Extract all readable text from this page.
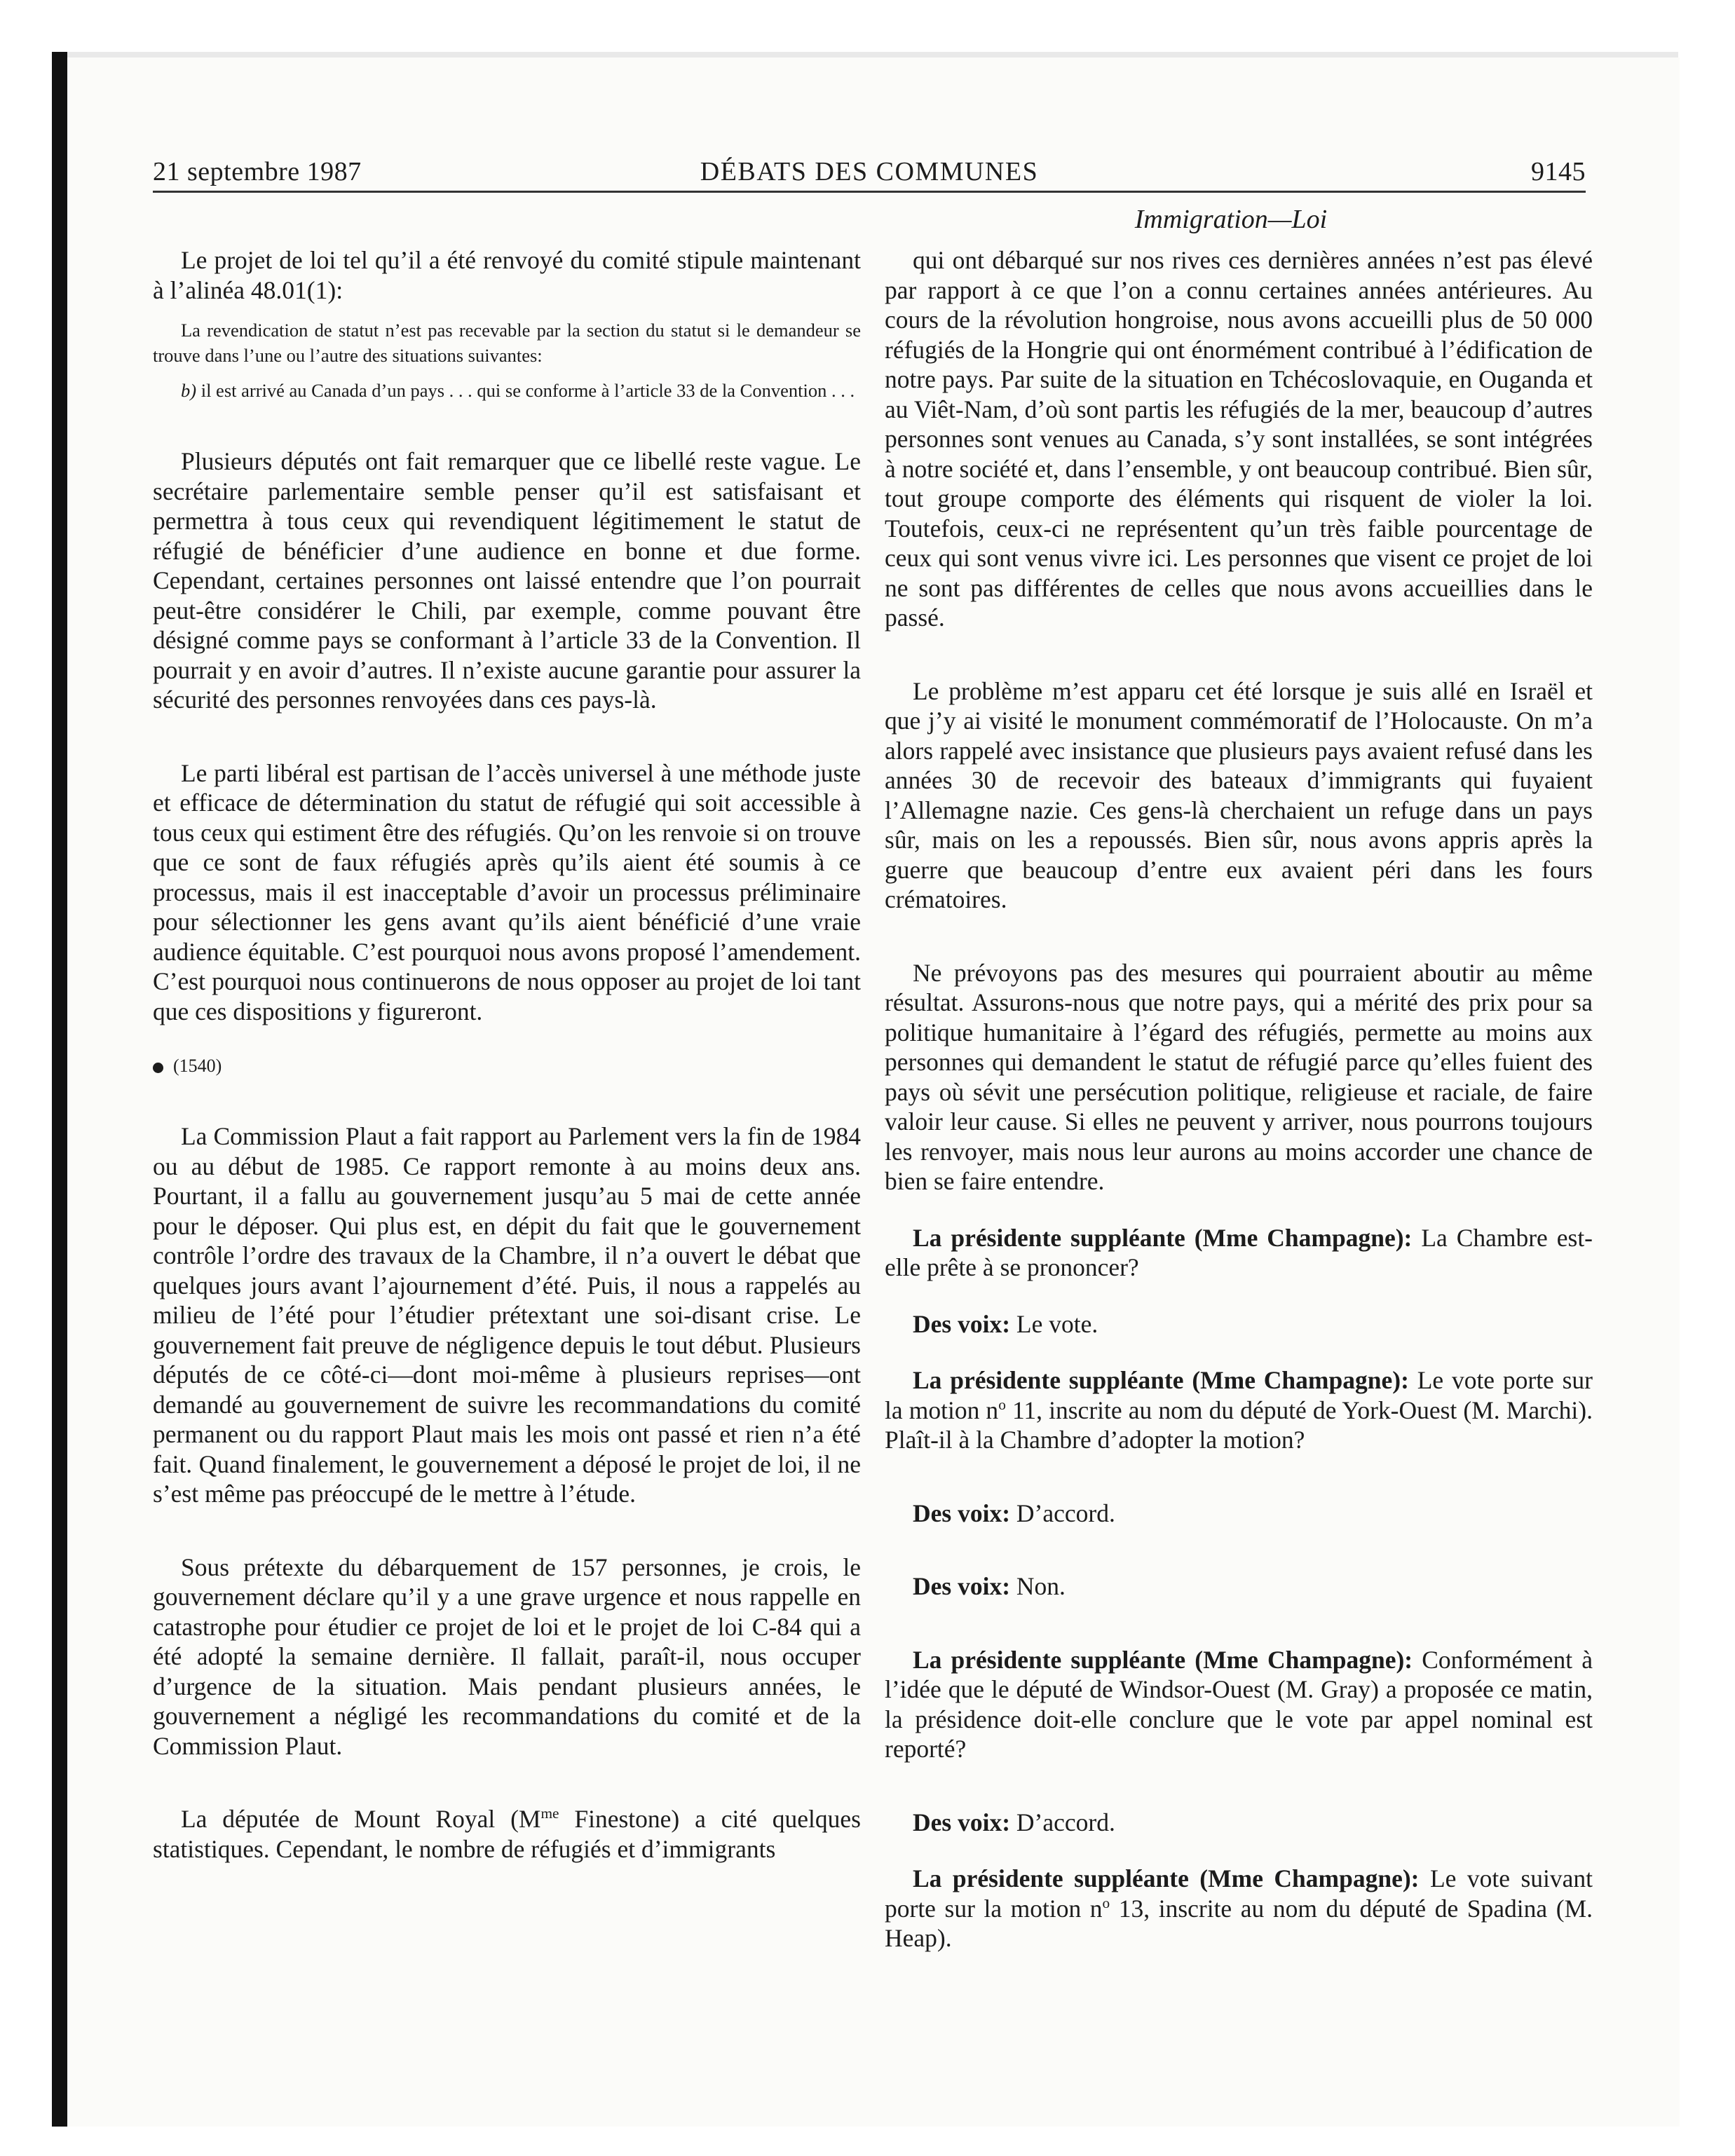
21 septembre 1987	DÉBATS DES COMMUNES	9145
Immigration—Loi

Le projet de loi tel qu’il a été renvoyé du comité stipule maintenant à l’alinéa 48.01(1):

La revendication de statut n’est pas recevable par la section du statut si le demandeur se trouve dans l’une ou l’autre des situations suivantes:

b) il est arrivé au Canada d’un pays . . . qui se conforme à l’article 33 de la Convention . . .

Plusieurs députés ont fait remarquer que ce libellé reste vague. Le secrétaire parlementaire semble penser qu’il est satisfaisant et permettra à tous ceux qui revendiquent légitimement le statut de réfugié de bénéficier d’une audience en bonne et due forme. Cependant, certaines personnes ont laissé entendre que l’on pourrait peut-être considérer le Chili, par exemple, comme pouvant être désigné comme pays se conformant à l’article 33 de la Convention. Il pourrait y en avoir d’autres. Il n’existe aucune garantie pour assurer la sécurité des personnes renvoyées dans ces pays-là.

Le parti libéral est partisan de l’accès universel à une méthode juste et efficace de détermination du statut de réfugié qui soit accessible à tous ceux qui estiment être des réfugiés. Qu’on les renvoie si on trouve que ce sont de faux réfugiés après qu’ils aient été soumis à ce processus, mais il est inacceptable d’avoir un processus préliminaire pour sélectionner les gens avant qu’ils aient bénéficié d’une vraie audience équitable. C’est pourquoi nous avons proposé l’amendement. C’est pourquoi nous continuerons de nous opposer au projet de loi tant que ces dispositions y figureront.

(1540)

La Commission Plaut a fait rapport au Parlement vers la fin de 1984 ou au début de 1985. Ce rapport remonte à au moins deux ans. Pourtant, il a fallu au gouvernement jusqu’au 5 mai de cette année pour le déposer. Qui plus est, en dépit du fait que le gouvernement contrôle l’ordre des travaux de la Chambre, il n’a ouvert le débat que quelques jours avant l’ajournement d’été. Puis, il nous a rappelés au milieu de l’été pour l’étudier prétextant une soi-disant crise. Le gouvernement fait preuve de négligence depuis le tout début. Plusieurs députés de ce côté-ci—dont moi-même à plusieurs reprises—ont demandé au gouvernement de suivre les recommandations du comité permanent ou du rapport Plaut mais les mois ont passé et rien n’a été fait. Quand finalement, le gouvernement a déposé le projet de loi, il ne s’est même pas préoccupé de le mettre à l’étude.

Sous prétexte du débarquement de 157 personnes, je crois, le gouvernement déclare qu’il y a une grave urgence et nous rappelle en catastrophe pour étudier ce projet de loi et le projet de loi C-84 qui a été adopté la semaine dernière. Il fallait, paraît-il, nous occuper d’urgence de la situation. Mais pendant plusieurs années, le gouvernement a négligé les recommandations du comité et de la Commission Plaut.

La députée de Mount Royal ($M^{me}$ Finestone) a cité quelques statistiques. Cependant, le nombre de réfugiés et d’immigrants

qui ont débarqué sur nos rives ces dernières années n’est pas élevé par rapport à ce que l’on a connu certaines années antérieures. Au cours de la révolution hongroise, nous avons accueilli plus de 50 000 réfugiés de la Hongrie qui ont énormément contribué à l’édification de notre pays. Par suite de la situation en Tchécoslovaquie, en Ouganda et au Viêt-Nam, d’où sont partis les réfugiés de la mer, beaucoup d’autres personnes sont venues au Canada, s’y sont installées, se sont intégrées à notre société et, dans l’ensemble, y ont beaucoup contribué. Bien sûr, tout groupe comporte des éléments qui risquent de violer la loi. Toutefois, ceux-ci ne représentent qu’un très faible pourcentage de ceux qui sont venus vivre ici. Les personnes que visent ce projet de loi ne sont pas différentes de celles que nous avons accueillies dans le passé.

Le problème m’est apparu cet été lorsque je suis allé en Israël et que j’y ai visité le monument commémoratif de l’Holocauste. On m’a alors rappelé avec insistance que plusieurs pays avaient refusé dans les années 30 de recevoir des bateaux d’immigrants qui fuyaient l’Allemagne nazie. Ces gens-là cherchaient un refuge dans un pays sûr, mais on les a repoussés. Bien sûr, nous avons appris après la guerre que beaucoup d’entre eux avaient péri dans les fours crématoires.

Ne prévoyons pas des mesures qui pourraient aboutir au même résultat. Assurons-nous que notre pays, qui a mérité des prix pour sa politique humanitaire à l’égard des réfugiés, permette au moins aux personnes qui demandent le statut de réfugié parce qu’elles fuient des pays où sévit une persécution politique, religieuse et raciale, de faire valoir leur cause. Si elles ne peuvent y arriver, nous pourrons toujours les renvoyer, mais nous leur aurons au moins accorder une chance de bien se faire entendre.

La présidente suppléante (Mme Champagne): La Chambre est-elle prête à se prononcer?

Des voix: Le vote.

La présidente suppléante (Mme Champagne): Le vote porte sur la motion $n^o$ 11, inscrite au nom du député de York-Ouest (M. Marchi). Plaît-il à la Chambre d’adopter la motion?

Des voix: D’accord.

Des voix: Non.

La présidente suppléante (Mme Champagne): Conformément à l’idée que le député de Windsor-Ouest (M. Gray) a proposée ce matin, la présidence doit-elle conclure que le vote par appel nominal est reporté?

Des voix: D’accord.

La présidente suppléante (Mme Champagne): Le vote suivant porte sur la motion $n^o$ 13, inscrite au nom du député de Spadina (M. Heap).
